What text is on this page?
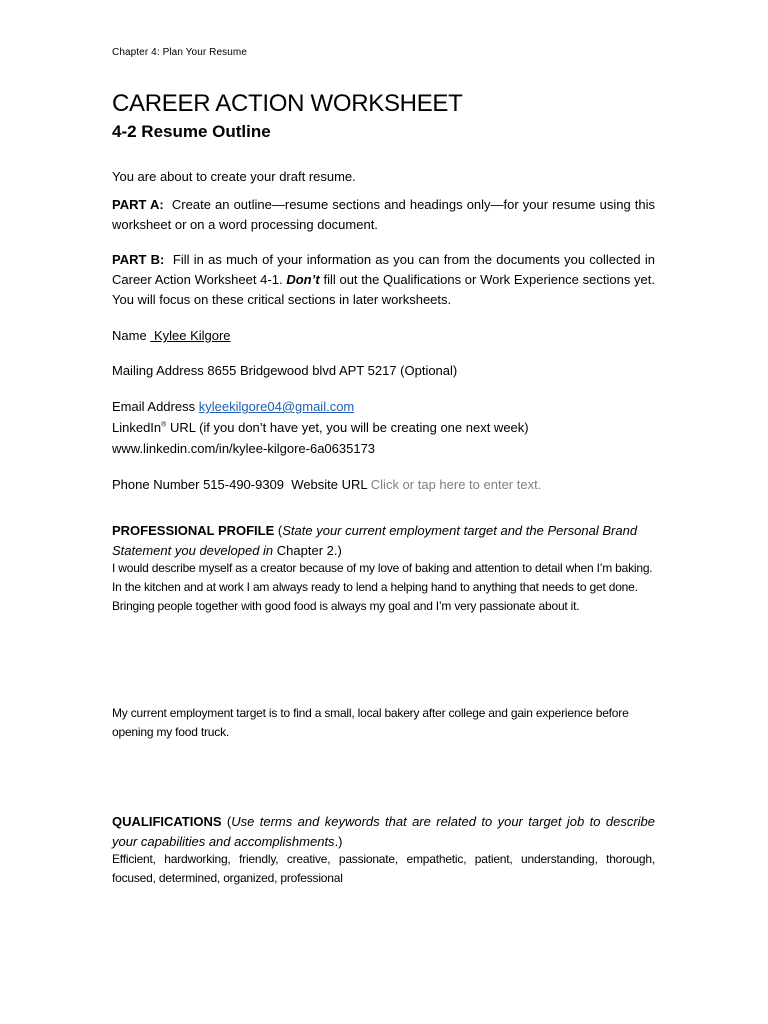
Chapter 4: Plan Your Resume
CAREER ACTION WORKSHEET
4-2 Resume Outline

You are about to create your draft resume.

PART A: Create an outline—resume sections and headings only—for your resume using this worksheet or on a word processing document.

PART B: Fill in as much of your information as you can from the documents you collected in Career Action Worksheet 4-1. Don’t fill out the Qualifications or Work Experience sections yet. You will focus on these critical sections in later worksheets.

Name Kylee Kilgore

Mailing Address 8655 Bridgewood blvd APT 5217 (Optional)

Email Address kyleekilgore04@gmail.com

LinkedIn® URL (if you don’t have yet, you will be creating one next week)

www.linkedin.com/in/kylee-kilgore-6a0635173

Phone Number 515-490-9309 Website URL Click or tap here to enter text.

PROFESSIONAL PROFILE (State your current employment target and the Personal Brand Statement you developed in Chapter 2.)

I would describe myself as a creator because of my love of baking and attention to detail when I’m baking. In the kitchen and at work I am always ready to lend a helping hand to anything that needs to get done. Bringing people together with good food is always my goal and I’m very passionate about it.

My current employment target is to find a small, local bakery after college and gain experience before opening my food truck.

QUALIFICATIONS (Use terms and keywords that are related to your target job to describe your capabilities and accomplishments.)

Efficient, hardworking, friendly, creative, passionate, empathetic, patient, understanding, thorough, focused, determined, organized, professional
